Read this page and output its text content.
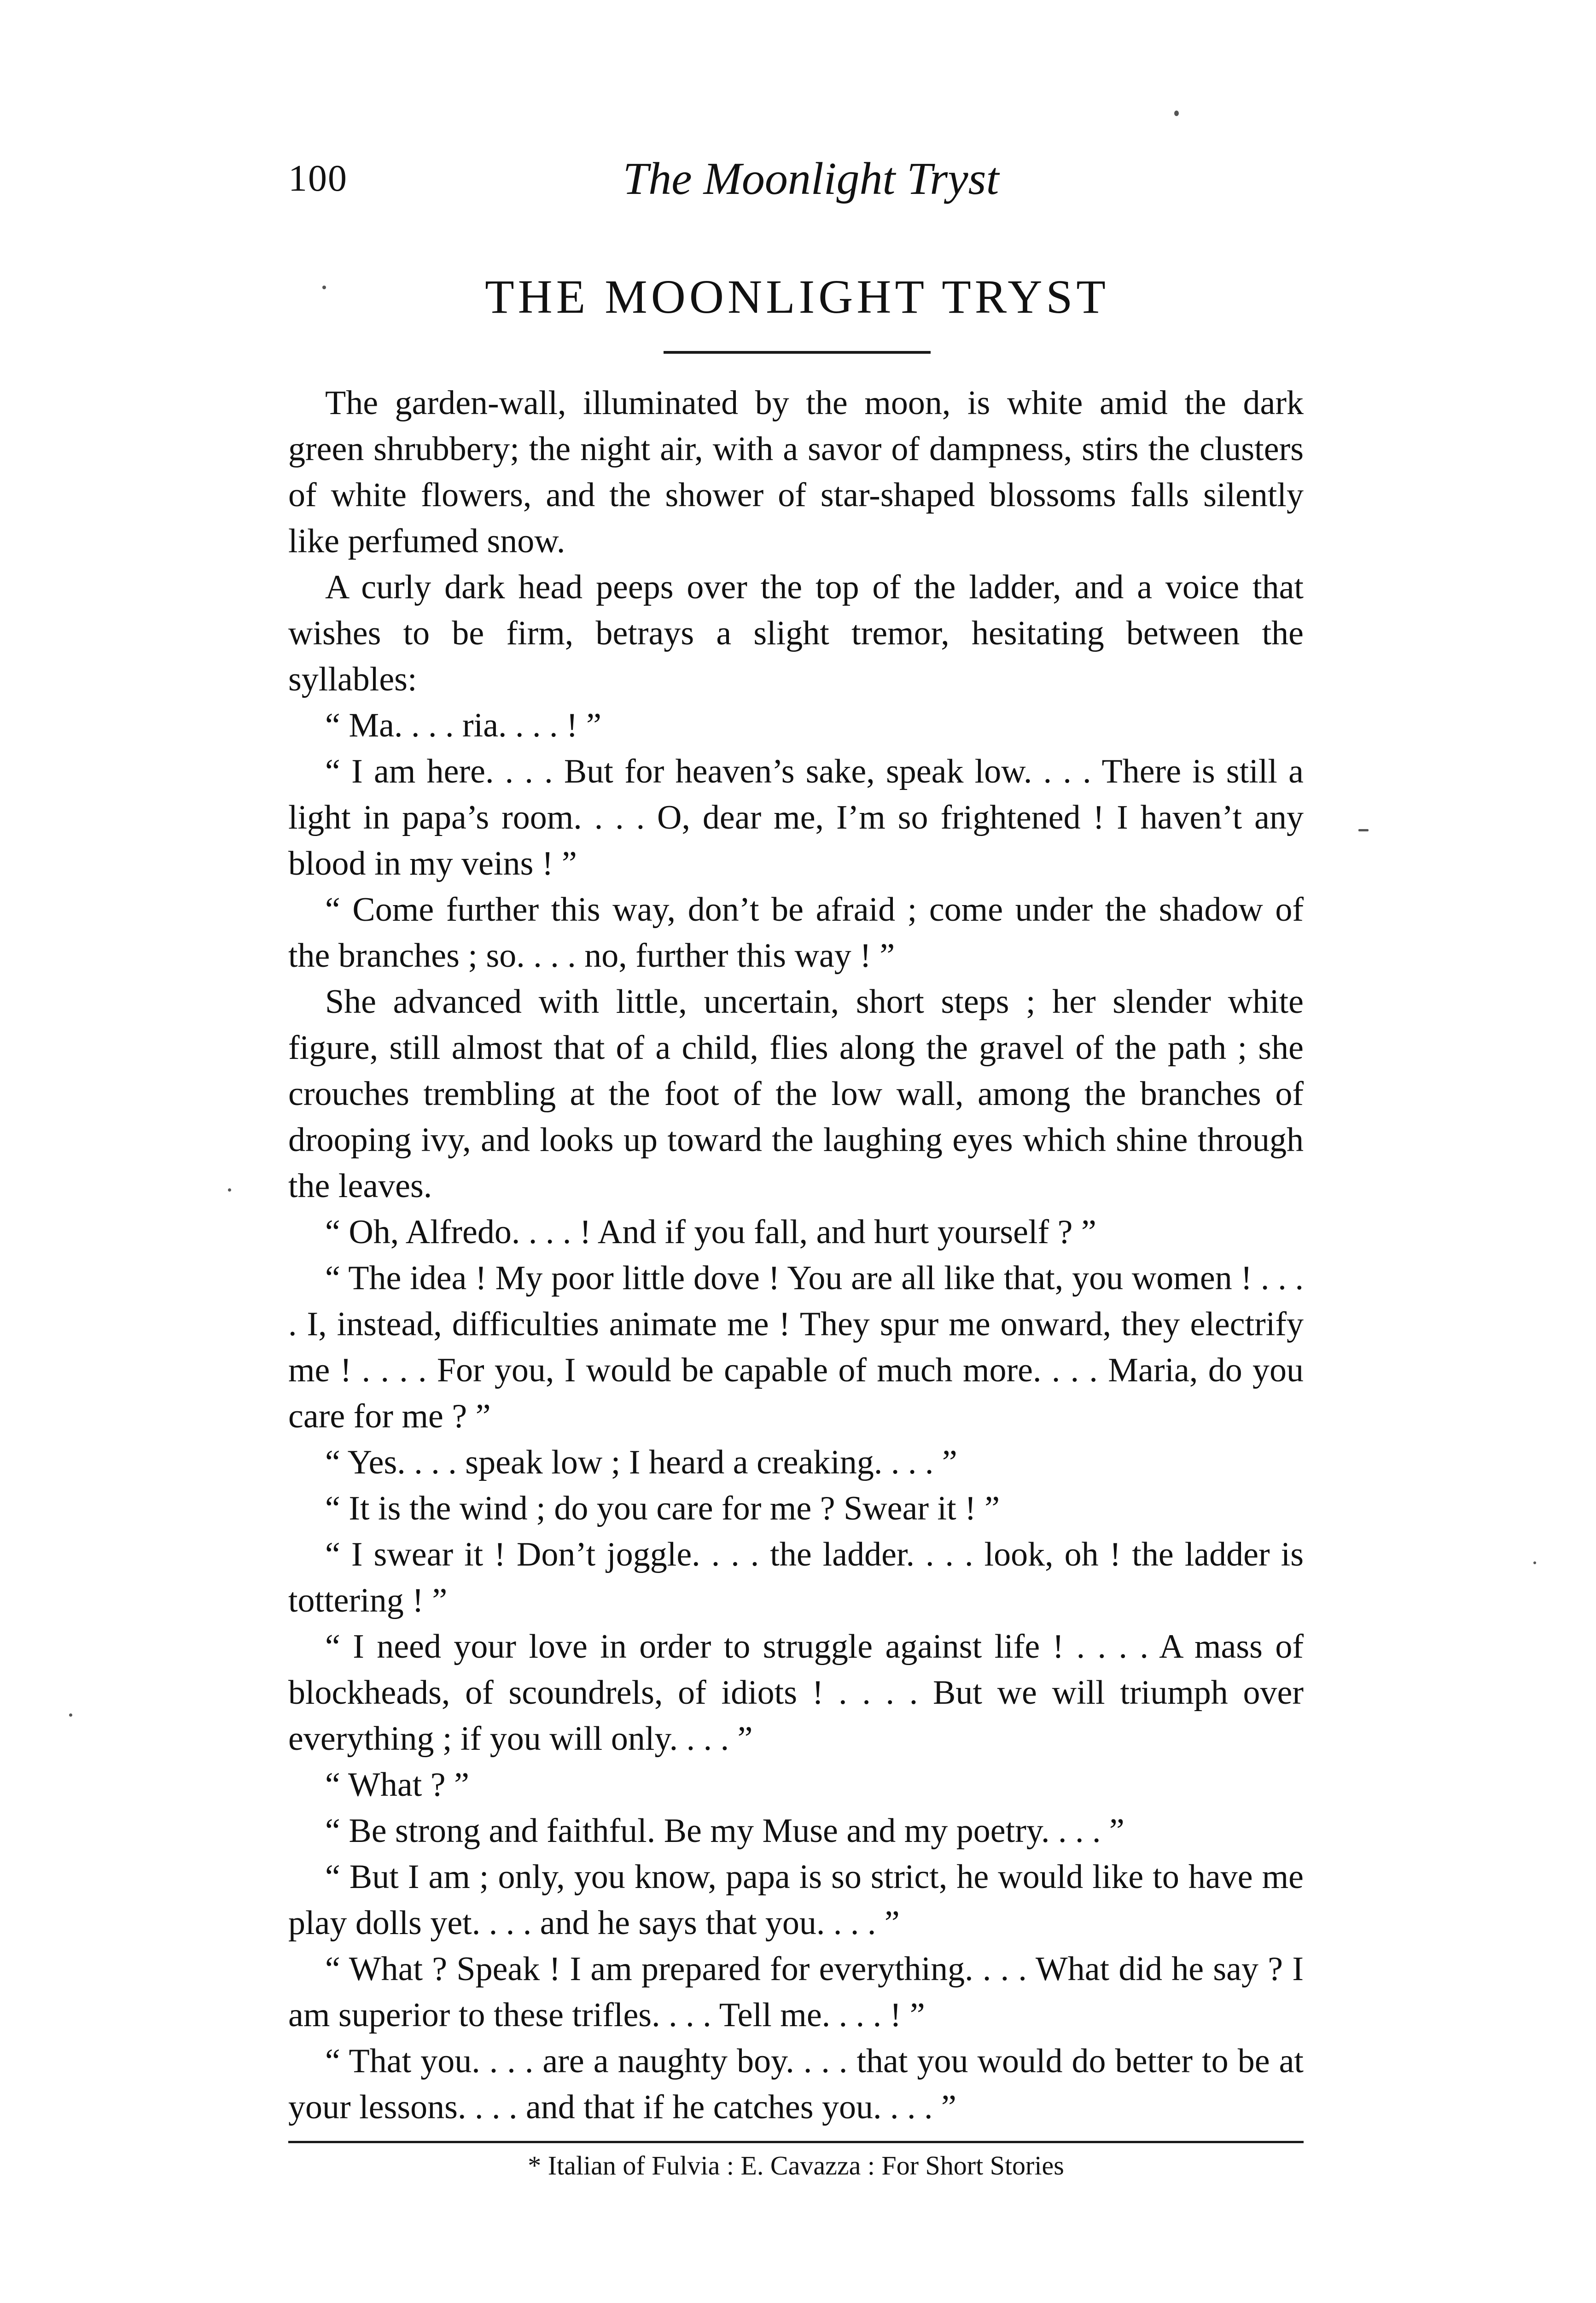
100	The Moonlight Tryst
THE MOONLIGHT TRYST

The garden-wall, illuminated by the moon, is white amid the dark green shrubbery; the night air, with a savor of dampness, stirs the clusters of white flowers, and the shower of star-shaped blossoms falls silently like perfumed snow.

A curly dark head peeps over the top of the ladder, and a voice that wishes to be firm, betrays a slight tremor, hesitating between the syllables:

“ Ma. . . . ria. . . . ! ”

“ I am here. . . . But for heaven’s sake, speak low. . . . There is still a light in papa’s room. . . . O, dear me, I’m so frightened ! I haven’t any blood in my veins ! ”

“ Come further this way, don’t be afraid ; come under the shadow of the branches ; so. . . . no, further this way ! ”

She advanced with little, uncertain, short steps ; her slender white figure, still almost that of a child, flies along the gravel of the path ; she crouches trembling at the foot of the low wall, among the branches of drooping ivy, and looks up toward the laughing eyes which shine through the leaves.

“ Oh, Alfredo. . . . ! And if you fall, and hurt yourself ? ”

“ The idea ! My poor little dove ! You are all like that, you women ! . . . . I, instead, difficulties animate me ! They spur me onward, they electrify me ! . . . . For you, I would be capable of much more. . . . Maria, do you care for me ? ”

“ Yes. . . . speak low ; I heard a creaking. . . . ”

“ It is the wind ; do you care for me ? Swear it ! ”

“ I swear it ! Don’t joggle. . . . the ladder. . . . look, oh ! the ladder is tottering ! ”

“ I need your love in order to struggle against life ! . . . . A mass of blockheads, of scoundrels, of idiots ! . . . . But we will triumph over everything ; if you will only. . . . ”

“ What ? ”

“ Be strong and faithful. Be my Muse and my poetry. . . . ”

“ But I am ; only, you know, papa is so strict, he would like to have me play dolls yet. . . . and he says that you. . . . ”

“ What ? Speak ! I am prepared for everything. . . . What did he say ? I am superior to these trifles. . . . Tell me. . . . ! ”

“ That you. . . . are a naughty boy. . . . that you would do better to be at your lessons. . . . and that if he catches you. . . . ”

* Italian of Fulvia : E. Cavazza : For Short Stories
